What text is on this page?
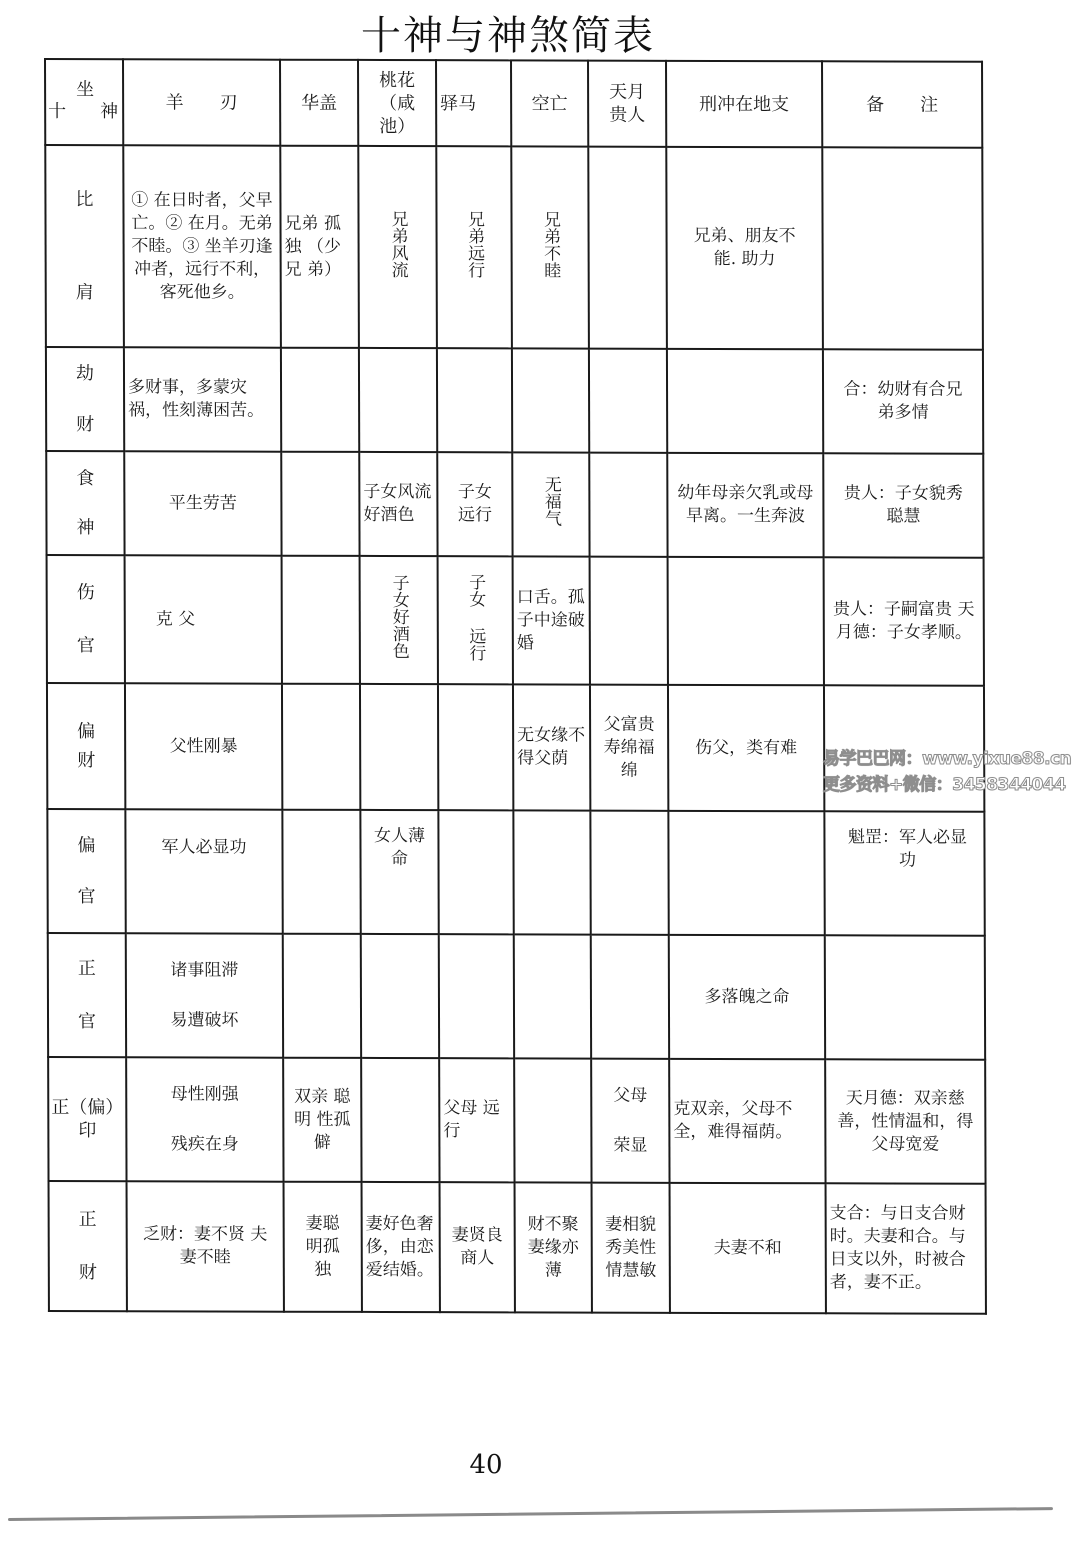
十神与神煞简表
坐
十 神	羊　　刃	华盖	桃花（咸池）	驿马	空亡	天月贵人	刑冲在地支	备　　注

比
肩	① 在日时者，父早亡。② 在月。无弟不睦。③ 坐羊刃逢冲者，远行不利，客死他乡。	兄弟 孤独 （少兄 弟）	兄弟风流	兄弟远行	兄弟不睦		兄弟、朋友不能. 助力	

劫
财	多财事，多蒙灾祸，性刻薄困苦。							合：幼财有合兄弟多情

食
神	平生劳苦		子女风流好酒色	子女远行	无福气		幼年母亲欠乳或母早离。一生奔波	贵人：子女貌秀聪慧

伤
官	克 父		子女好酒色	子女 远行	口舌。孤子中途破婚			贵人：子嗣富贵 天月德：子女孝顺。

偏
财	父性刚暴				无女缘不得父荫	父富贵寿绵福绵	伤父，类有难	

偏
官	军人必显功		女人薄命					魁罡：军人必显功

正
官	诸事阻滞 易遭破坏						多落魄之命	

正（偏）
印	母性刚强 残疾在身	双亲 聪明 性孤僻		父母 远行		父母 荣显	克双亲，父母不全，难得福荫。	天月德：双亲慈善，性情温和，得父母宽爱

正
财	乏财：妻不贤 夫妻不睦	妻聪明孤独	妻好色奢侈，由恋爱结婚。	妻贤良商人	财不聚妻缘亦薄	妻相貌秀美性情慧敏	夫妻不和	支合：与日支合财时。夫妻和合。与日支以外，时被合者，妻不正。
易学巴巴网：www.yixue88.cn
更多资料+微信：3458344044
40
